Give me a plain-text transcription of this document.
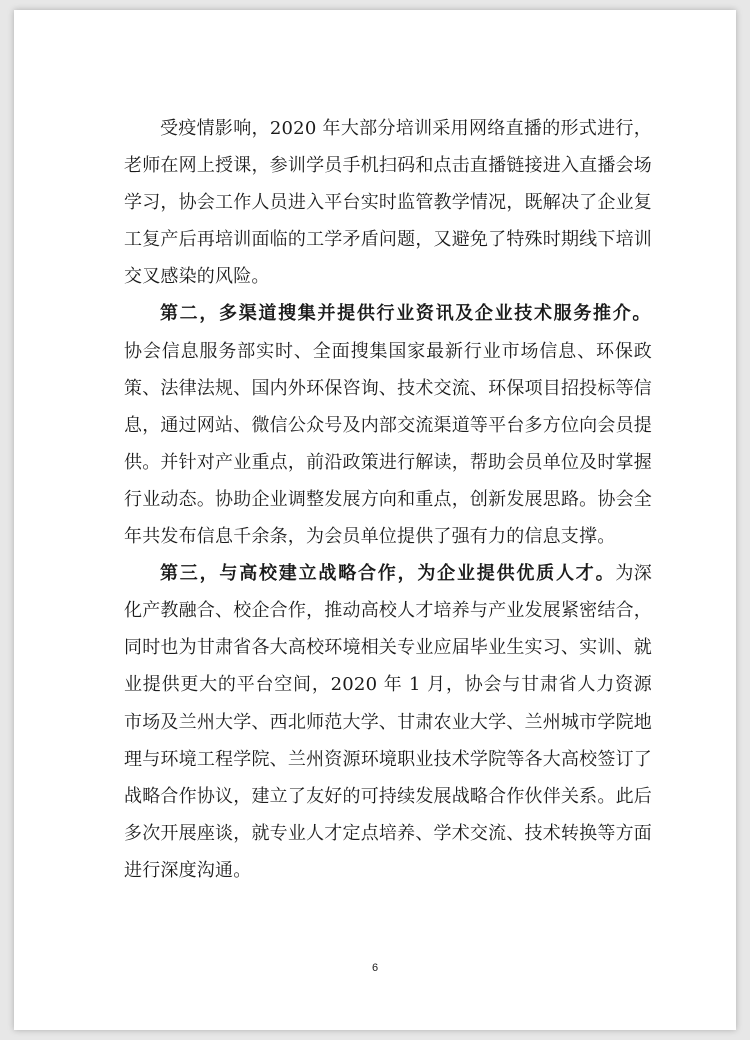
受疫情影响，2020 年大部分培训采用网络直播的形式进行，老师在网上授课，参训学员手机扫码和点击直播链接进入直播会场学习，协会工作人员进入平台实时监管教学情况，既解决了企业复工复产后再培训面临的工学矛盾问题，又避免了特殊时期线下培训交叉感染的风险。

第二，多渠道搜集并提供行业资讯及企业技术服务推介。协会信息服务部实时、全面搜集国家最新行业市场信息、环保政策、法律法规、国内外环保咨询、技术交流、环保项目招投标等信息，通过网站、微信公众号及内部交流渠道等平台多方位向会员提供。并针对产业重点，前沿政策进行解读，帮助会员单位及时掌握行业动态。协助企业调整发展方向和重点，创新发展思路。协会全年共发布信息千余条，为会员单位提供了强有力的信息支撑。

第三，与高校建立战略合作，为企业提供优质人才。为深化产教融合、校企合作，推动高校人才培养与产业发展紧密结合，同时也为甘肃省各大高校环境相关专业应届毕业生实习、实训、就业提供更大的平台空间，2020 年 1 月，协会与甘肃省人力资源市场及兰州大学、西北师范大学、甘肃农业大学、兰州城市学院地理与环境工程学院、兰州资源环境职业技术学院等各大高校签订了战略合作协议，建立了友好的可持续发展战略合作伙伴关系。此后多次开展座谈，就专业人才定点培养、学术交流、技术转换等方面进行深度沟通。

6
